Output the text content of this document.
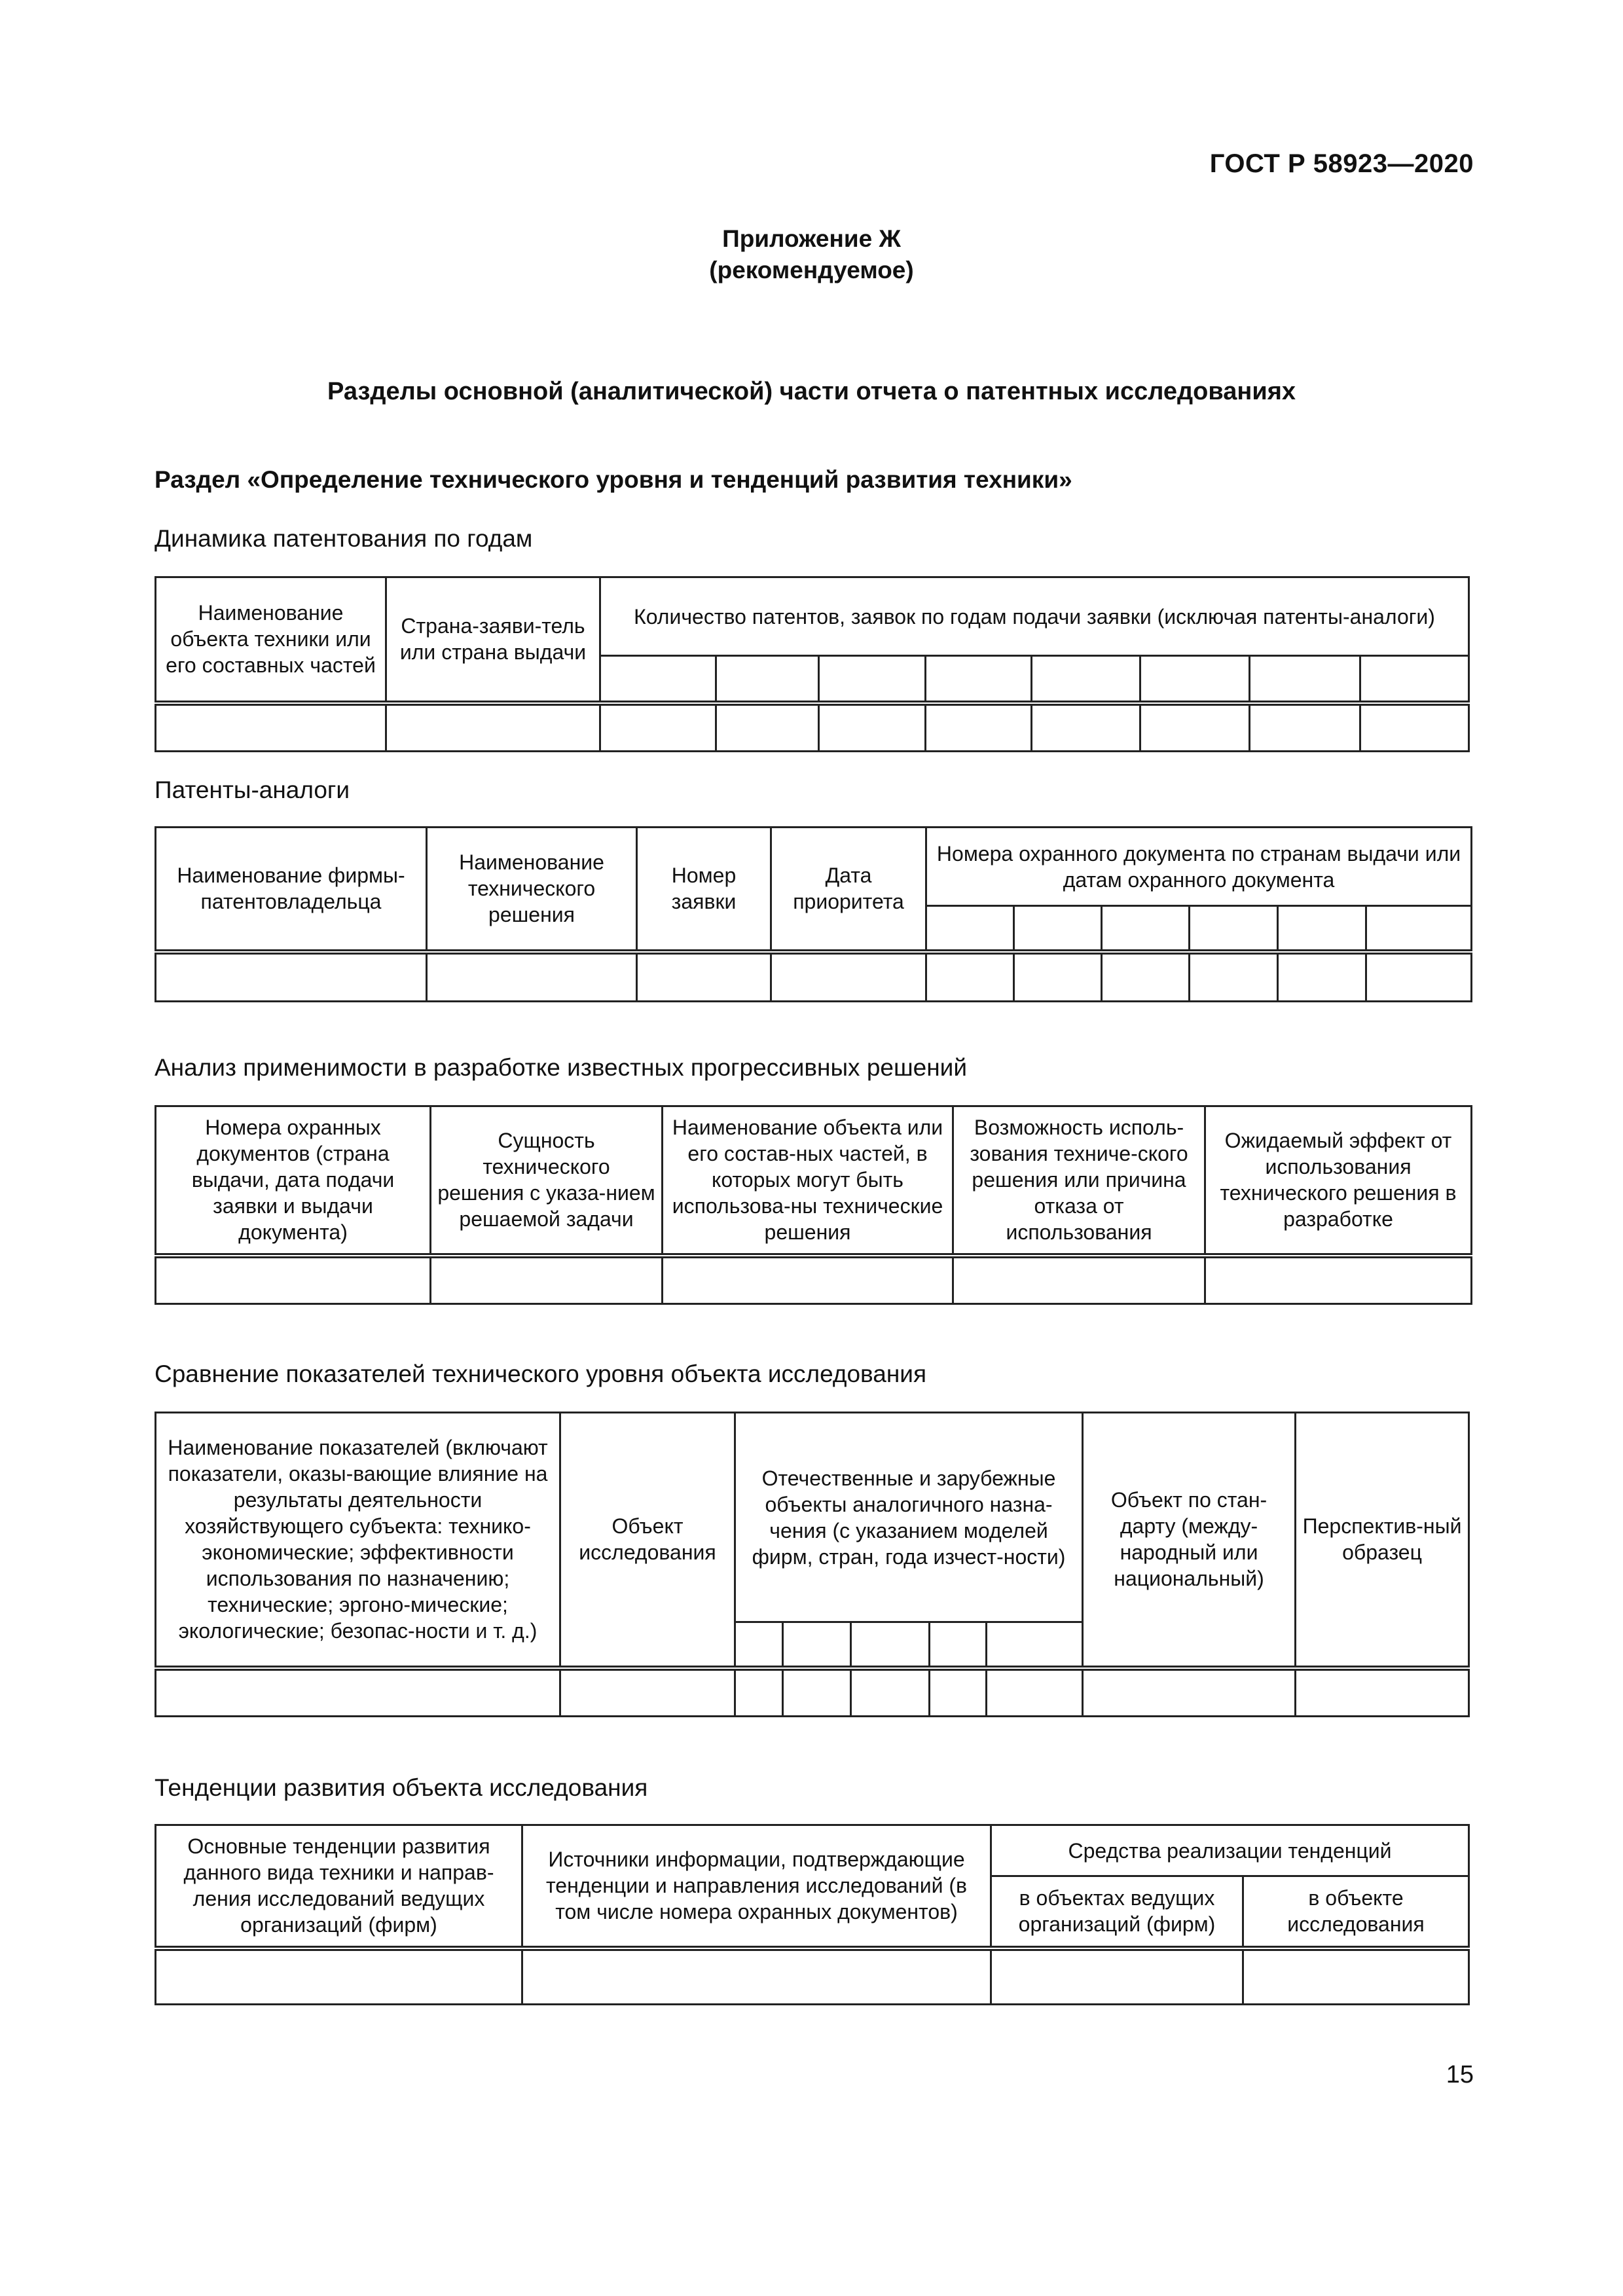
ГОСТ Р 58923—2020
Приложение Ж
(рекомендуемое)
Разделы основной (аналитической) части отчета о патентных исследованиях
Раздел «Определение технического уровня и тенденций развития техники»
Динамика патентования по годам
Наименование объекта техники или его составных частей	Страна-заяви-тель или страна выдачи	Количество патентов, заявок по годам подачи заявки (исключая патенты-аналоги)							

Патенты-аналоги
Наименование фирмы-патентовладельца	Наименование технического решения	Номер заявки	Дата приоритета	Номера охранного документа по странам выдачи или датам охранного документа					

Анализ применимости в разработке известных прогрессивных решений
Номера охранных документов (страна выдачи, дата подачи заявки и выдачи документа)	Сущность технического решения с указа-нием решаемой задачи	Наименование объекта или его состав-ных частей, в которых могут быть использова-ны технические решения	Возможность исполь-зования техниче-ского решения или причина отказа от использования	Ожидаемый эффект от использования технического решения в разработке

Сравнение показателей технического уровня объекта исследования
Наименование показателей (включают показатели, оказы-вающие влияние на результаты деятельности хозяйствующего субъекта: технико-экономические; эффективности использования по назначению; технические; эргоно-мические; экологические; безопас-ности и т. д.)	Объект исследования	Отечественные и зарубежные объекты аналогичного назна-чения (с указанием моделей фирм, стран, года изчест-ности)					Объект по стан-дарту (между-народный или национальный)	Перспектив-ный образец

Тенденции развития объекта исследования
Основные тенденции развития данного вида техники и направ-ления исследований ведущих организаций (фирм)	Источники информации, подтверждающие тенденции и направления исследований (в том числе номера охранных документов)	Средства реализации тенденций	
		в объектах ведущих организаций (фирм)	в объекте исследования

15
